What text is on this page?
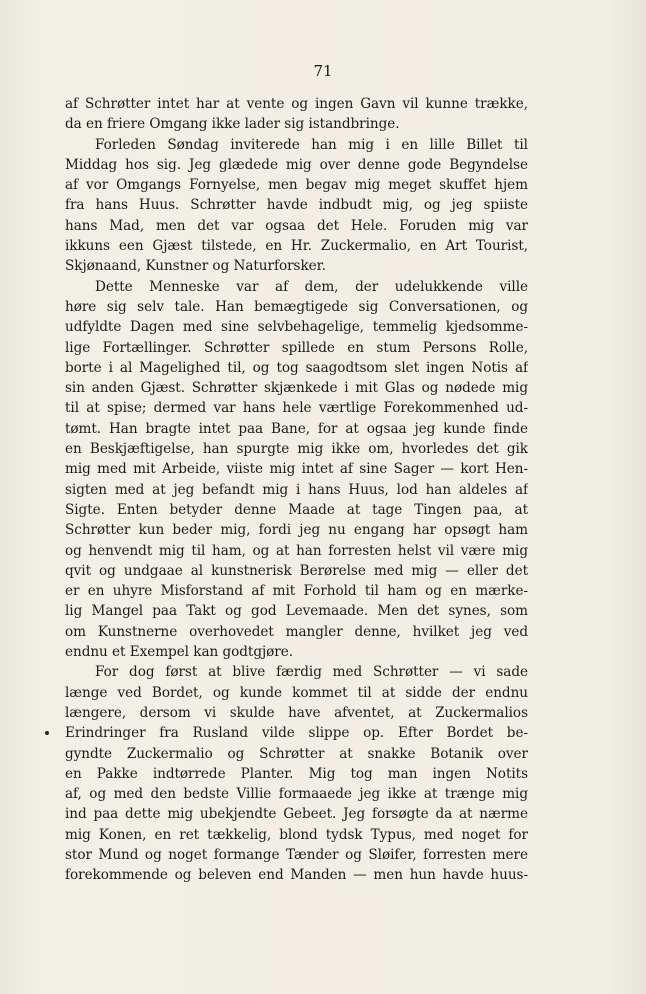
71
af Schrøtter intet har at vente og ingen Gavn vil kunne trække,
da en friere Omgang ikke lader sig istandbringe.
Forleden Søndag inviterede han mig i en lille Billet til
Middag hos sig. Jeg glædede mig over denne gode Begyndelse
af vor Omgangs Fornyelse, men begav mig meget skuffet hjem
fra hans Huus. Schrøtter havde indbudt mig, og jeg spiiste
hans Mad, men det var ogsaa det Hele. Foruden mig var
ikkuns een Gjæst tilstede, en Hr. Zuckermalio, en Art Tourist,
Skjønaand, Kunstner og Naturforsker.
Dette Menneske var af dem, der udelukkende ville
høre sig selv tale. Han bemægtigede sig Conversationen, og
udfyldte Dagen med sine selvbehagelige, temmelig kjedsomme-
lige Fortællinger. Schrøtter spillede en stum Persons Rolle,
borte i al Magelighed til, og tog saagodtsom slet ingen Notis af
sin anden Gjæst. Schrøtter skjænkede i mit Glas og nødede mig
til at spise; dermed var hans hele værtlige Forekommenhed ud-
tømt. Han bragte intet paa Bane, for at ogsaa jeg kunde finde
en Beskjæftigelse, han spurgte mig ikke om, hvorledes det gik
mig med mit Arbeide, viiste mig intet af sine Sager — kort Hen-
sigten med at jeg befandt mig i hans Huus, lod han aldeles af
Sigte. Enten betyder denne Maade at tage Tingen paa, at
Schrøtter kun beder mig, fordi jeg nu engang har opsøgt ham
og henvendt mig til ham, og at han forresten helst vil være mig
qvit og undgaae al kunstnerisk Berørelse med mig — eller det
er en uhyre Misforstand af mit Forhold til ham og en mærke-
lig Mangel paa Takt og god Levemaade. Men det synes, som
om Kunstnerne overhovedet mangler denne, hvilket jeg ved
endnu et Exempel kan godtgjøre.
For dog først at blive færdig med Schrøtter — vi sade
længe ved Bordet, og kunde kommet til at sidde der endnu
længere, dersom vi skulde have afventet, at Zuckermalios
Erindringer fra Rusland vilde slippe op. Efter Bordet be-
gyndte Zuckermalio og Schrøtter at snakke Botanik over
en Pakke indtørrede Planter. Mig tog man ingen Notits
af, og med den bedste Villie formaaede jeg ikke at trænge mig
ind paa dette mig ubekjendte Gebeet. Jeg forsøgte da at nærme
mig Konen, en ret tækkelig, blond tydsk Typus, med noget for
stor Mund og noget formange Tænder og Sløifer, forresten mere
forekommende og beleven end Manden — men hun havde huus-
